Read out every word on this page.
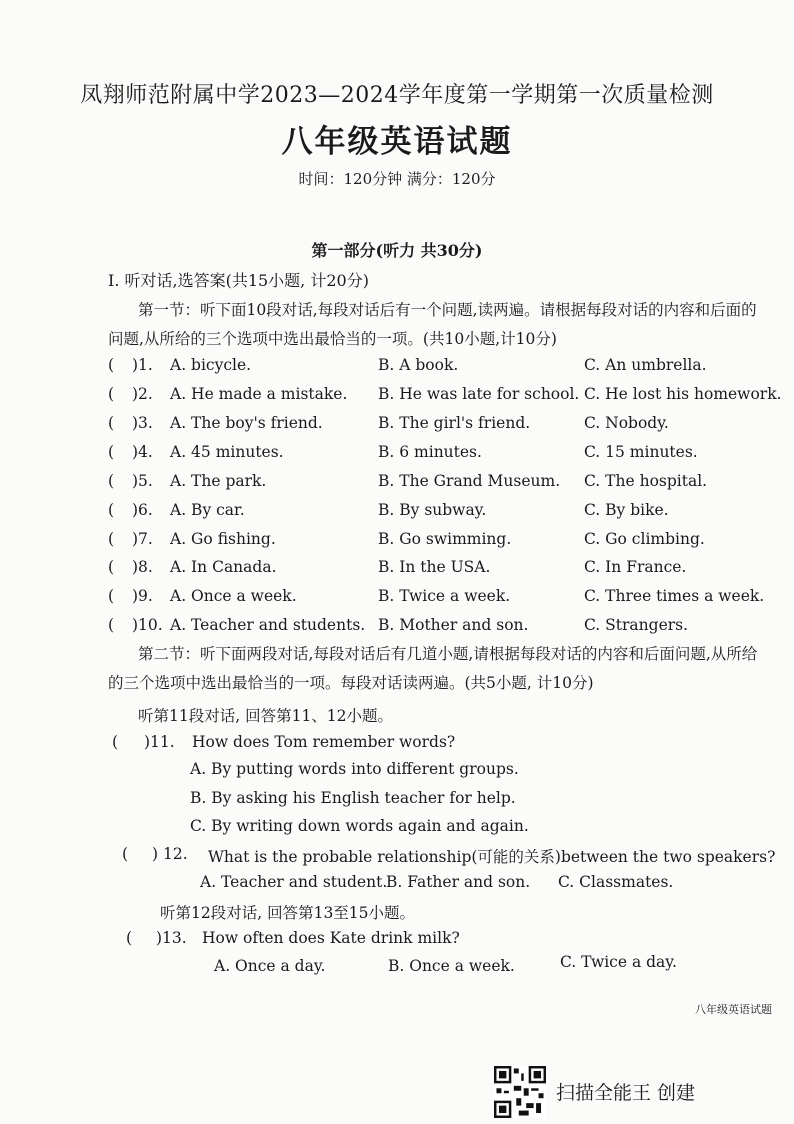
凤翔师范附属中学2023—2024学年度第一学期第一次质量检测
八年级英语试题
时间：120分钟 满分：120分
第一部分(听力 共30分)
I. 听对话,选答案(共15小题, 计20分)
第一节：听下面10段对话,每段对话后有一个问题,读两遍。请根据每段对话的内容和后面的问题,从所给的三个选项中选出最恰当的一项。(共10小题,计10分)
( )1. A. bicycle.	B. A book.	C. An umbrella.
( )2. A. He made a mistake. B. He was late for school. C. He lost his homework.
( )3. A. The boy's friend.	B. The girl's friend.	C. Nobody.
( )4. A. 45 minutes.	B. 6 minutes.	C. 15 minutes.
( )5. A. The park.	B. The Grand Museum. C. The hospital.
( )6. A. By car.	B. By subway.	C. By bike.
( )7. A. Go fishing.	B. Go swimming.	C. Go climbing.
( )8. A. In Canada.	B. In the USA.	C. In France.
( )9. A. Once a week.	B. Twice a week.	C. Three times a week.
( )10. A. Teacher and students. B. Mother and son.	C. Strangers.
第二节：听下面两段对话,每段对话后有几道小题,请根据每段对话的内容和后面问题,从所给的三个选项中选出最恰当的一项。每段对话读两遍。(共5小题, 计10分)
听第11段对话, 回答第11、12小题。
( )11. How does Tom remember words?
A. By putting words into different groups.
B. By asking his English teacher for help.
C. By writing down words again and again.
( ) 12. What is the probable relationship(可能的关系)between the two speakers?
A. Teacher and student.
B. Father and son. C. Classmates.
听第12段对话, 回答第13至15小题。
( )13. How often does Kate drink milk?
A. Once a day.	B. Once a week.	C. Twice a day.
八年级英语试题
扫描全能王 创建
